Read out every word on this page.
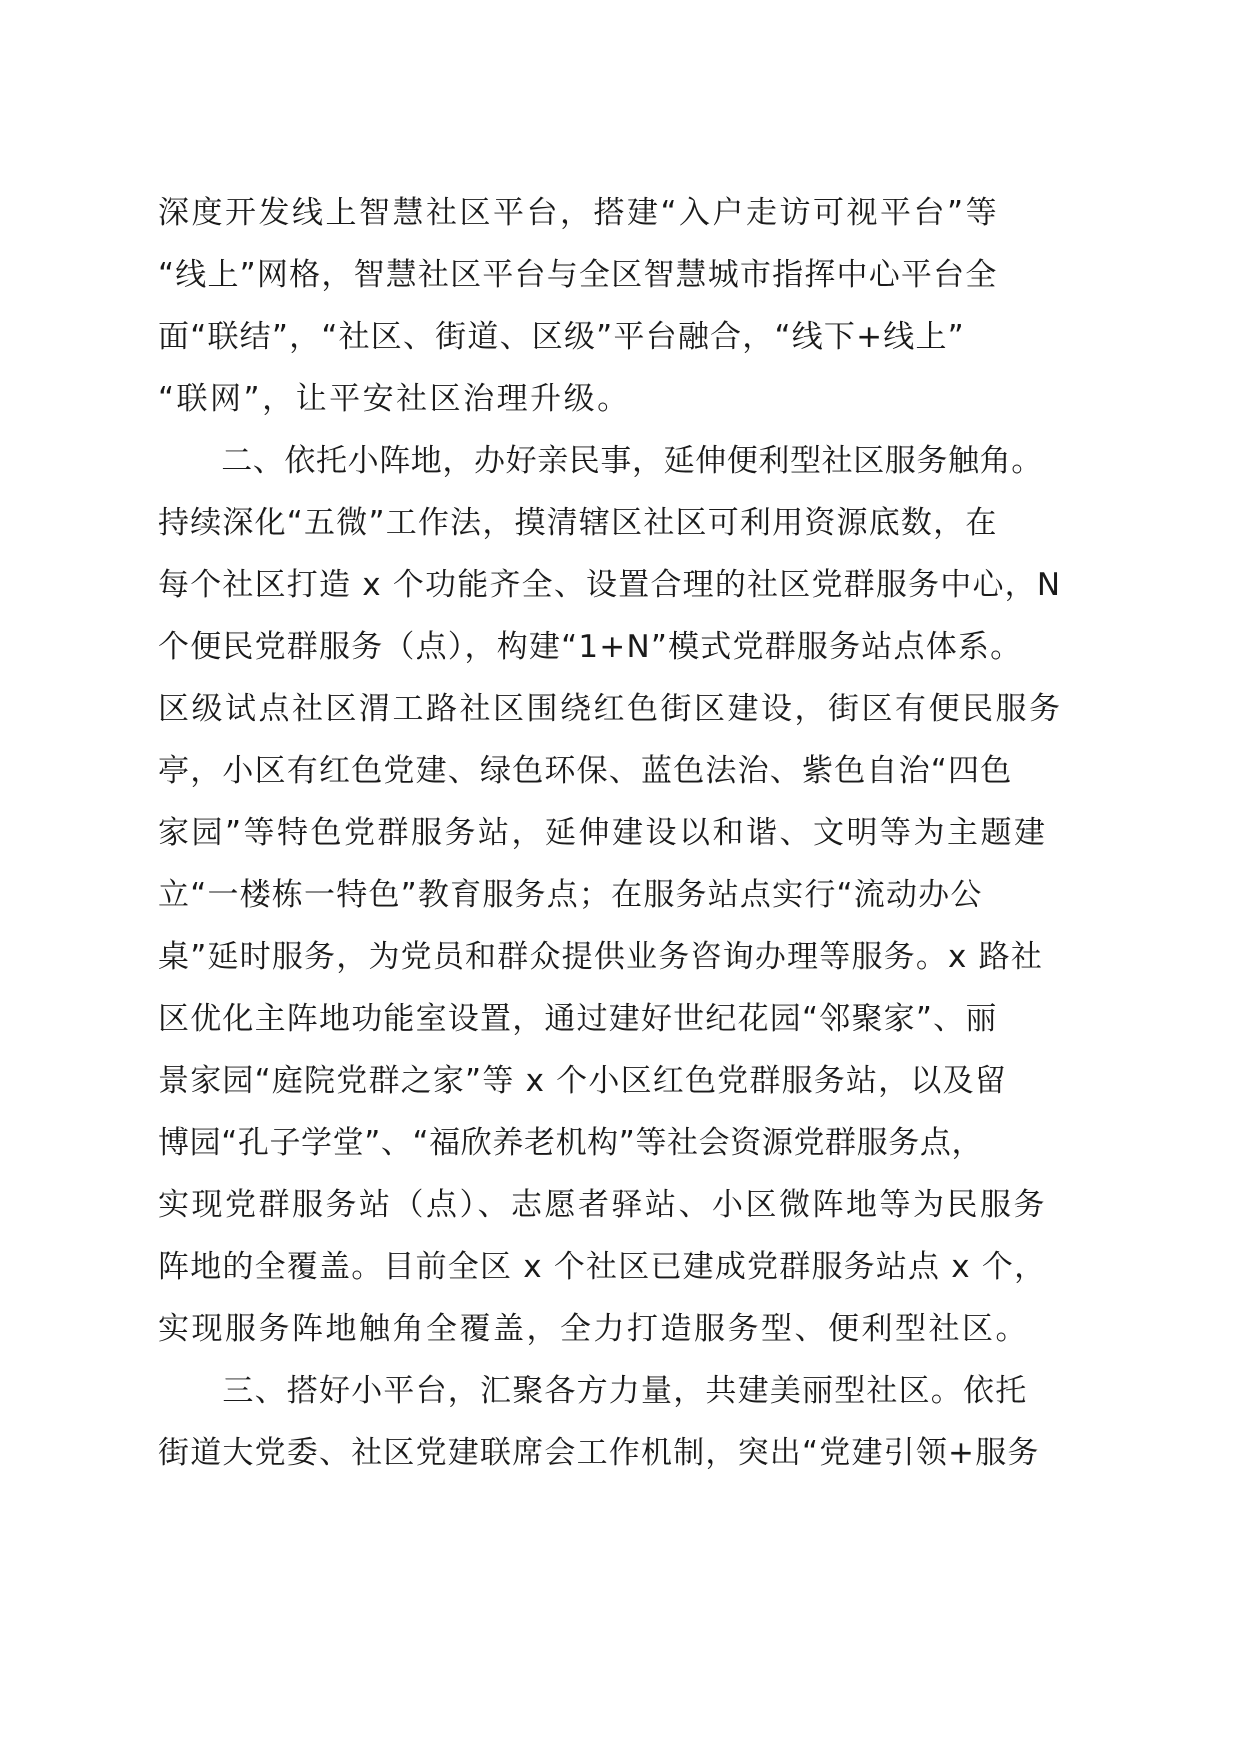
深度开发线上智慧社区平台，搭建“入户走访可视平台”等
“线上”网格，智慧社区平台与全区智慧城市指挥中心平台全
面“联结”，“社区、街道、区级”平台融合，“线下+线上”
“联网”，让平安社区治理升级。
　　二、依托小阵地，办好亲民事，延伸便利型社区服务触角。
持续深化“五微”工作法，摸清辖区社区可利用资源底数，在
每个社区打造 x 个功能齐全、设置合理的社区党群服务中心，N
个便民党群服务（点），构建“1+N”模式党群服务站点体系。
区级试点社区渭工路社区围绕红色街区建设，街区有便民服务
亭，小区有红色党建、绿色环保、蓝色法治、紫色自治“四色
家园”等特色党群服务站，延伸建设以和谐、文明等为主题建
立“一楼栋一特色”教育服务点；在服务站点实行“流动办公
桌”延时服务，为党员和群众提供业务咨询办理等服务。x 路社
区优化主阵地功能室设置，通过建好世纪花园“邻聚家”、丽
景家园“庭院党群之家”等 x 个小区红色党群服务站，以及留
博园“孔子学堂”、“福欣养老机构”等社会资源党群服务点，
实现党群服务站（点）、志愿者驿站、小区微阵地等为民服务
阵地的全覆盖。目前全区 x 个社区已建成党群服务站点 x 个，
实现服务阵地触角全覆盖，全力打造服务型、便利型社区。
　　三、搭好小平台，汇聚各方力量，共建美丽型社区。依托
街道大党委、社区党建联席会工作机制，突出“党建引领+服务
